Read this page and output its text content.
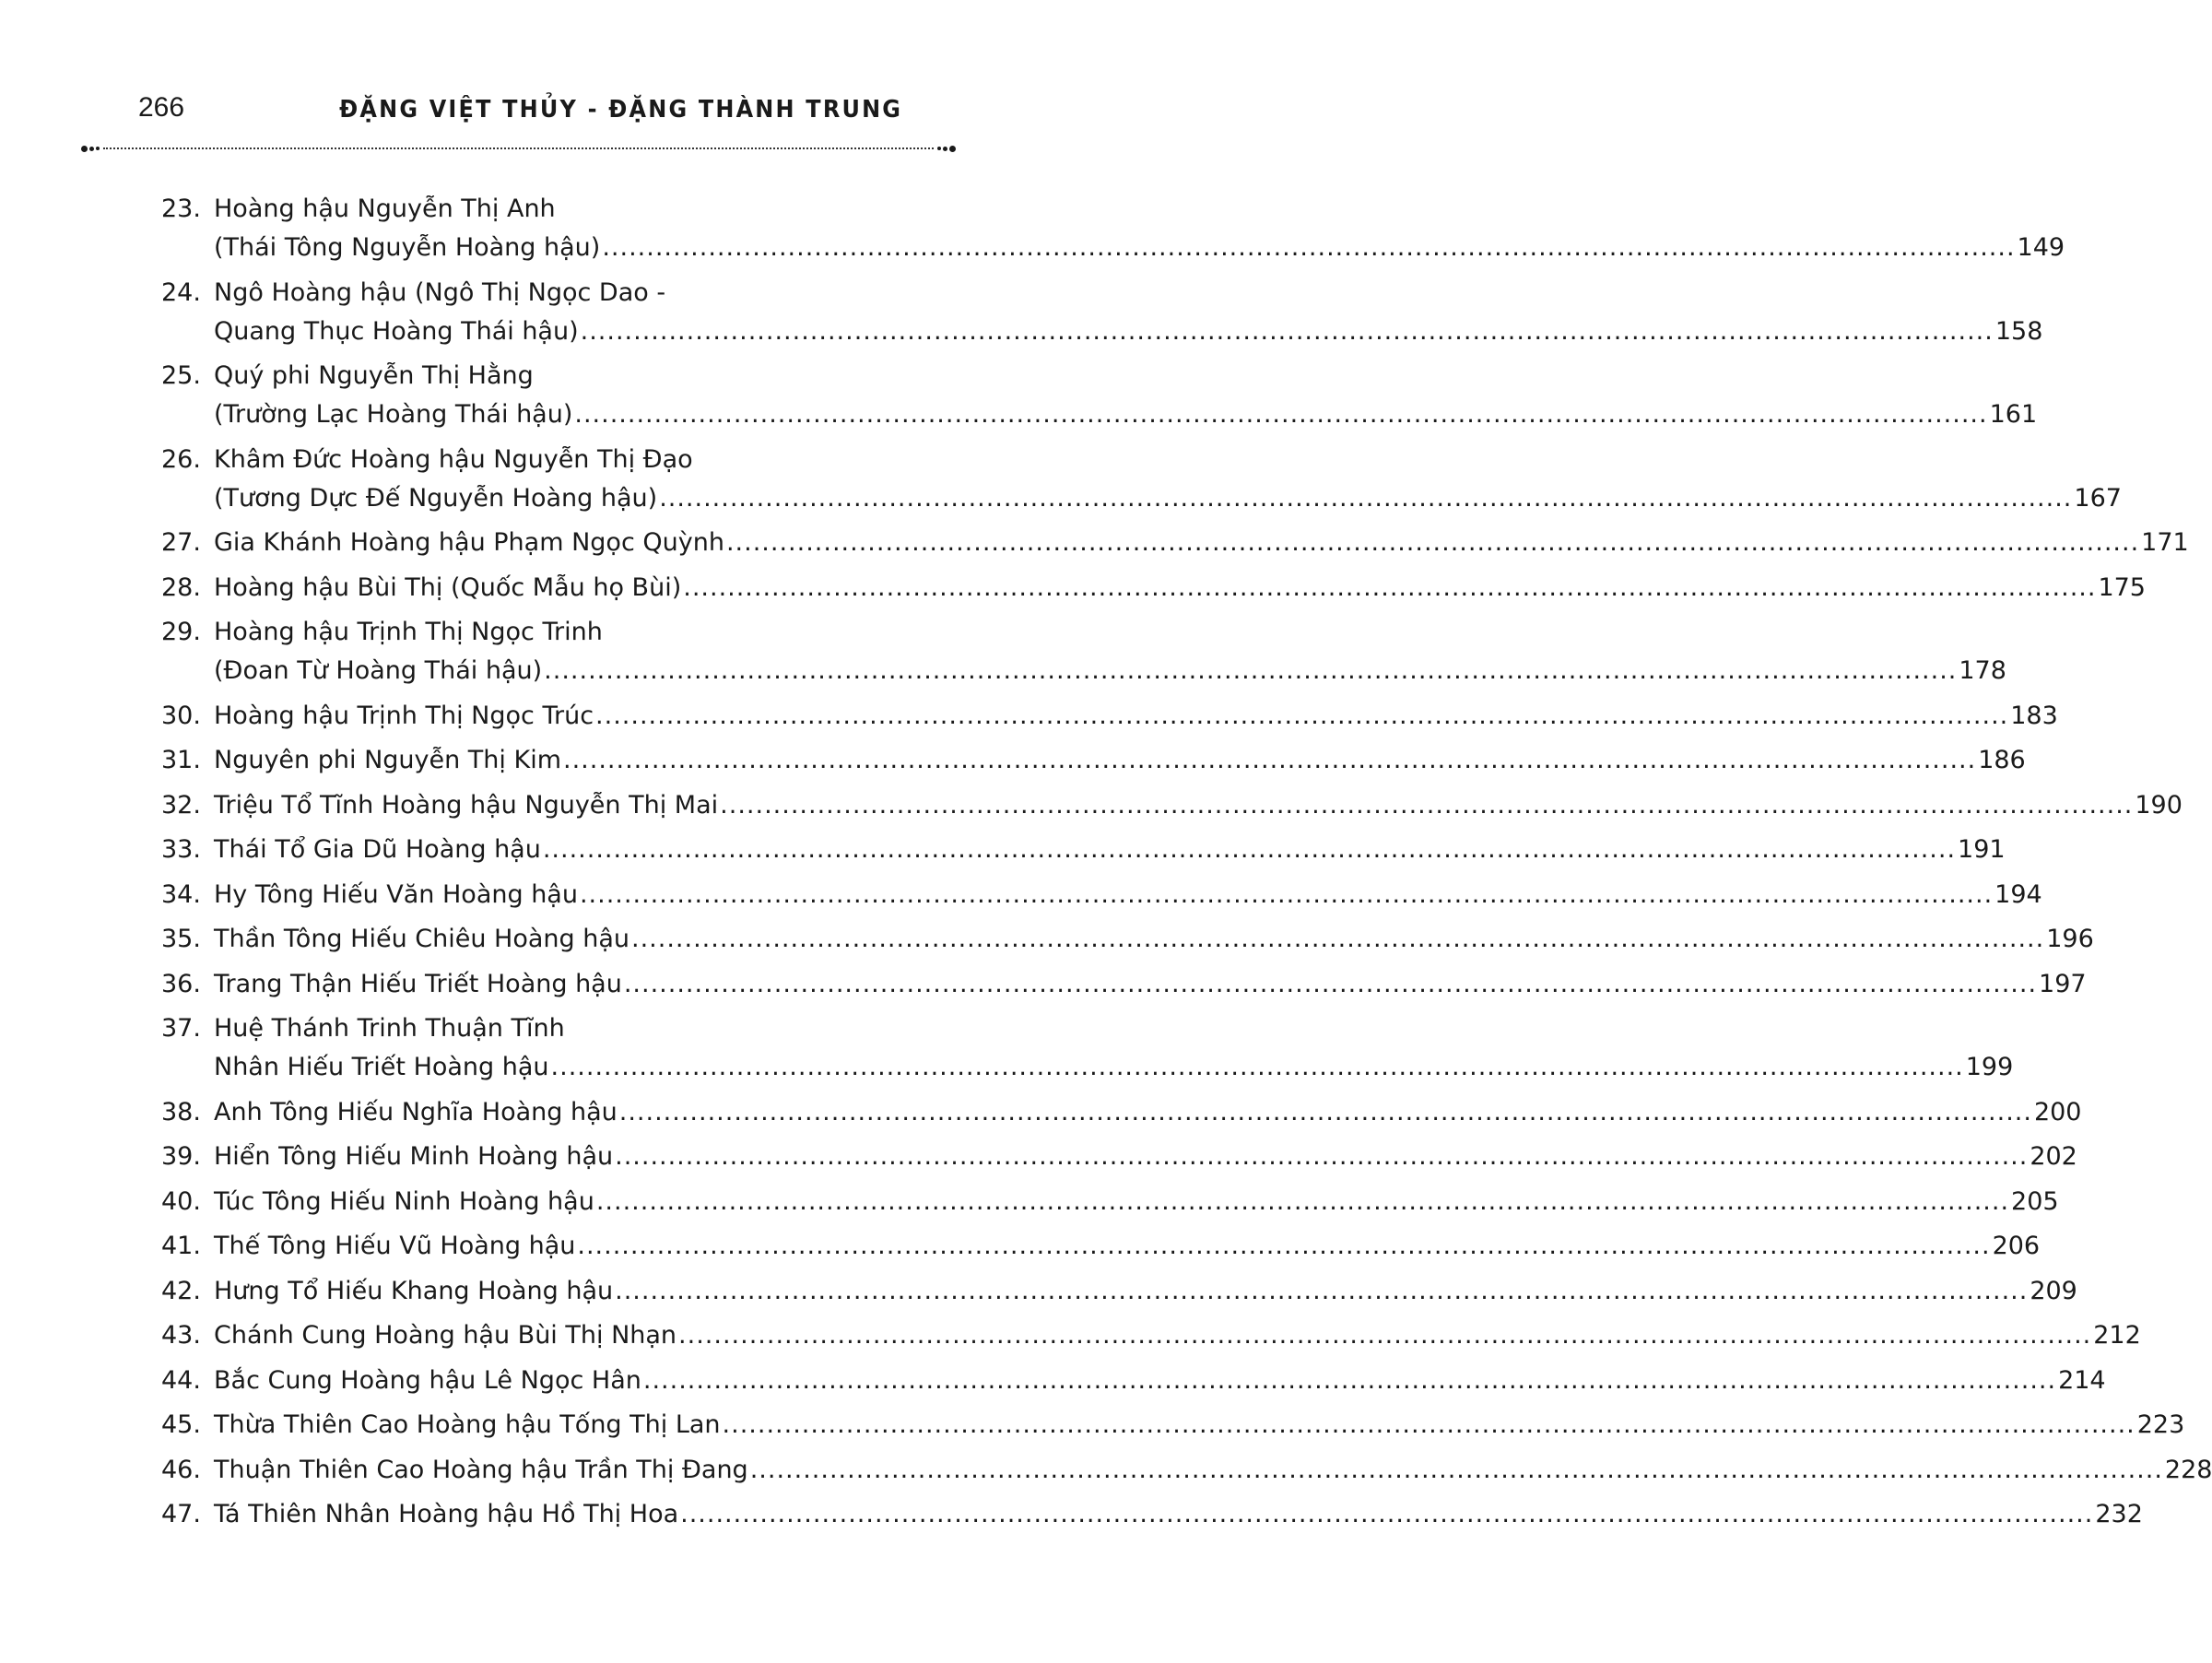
266	ĐẶNG VIỆT THỦY - ĐẶNG THÀNH TRUNG
23. Hoàng hậu Nguyễn Thị Anh
(Thái Tông Nguyễn Hoàng hậu) .....	149
24. Ngô Hoàng hậu (Ngô Thị Ngọc Dao -
Quang Thục Hoàng Thái hậu) .....	158
25. Quý phi Nguyễn Thị Hằng
(Trường Lạc Hoàng Thái hậu) .....	161
26. Khâm Đức Hoàng hậu Nguyễn Thị Đạo
(Tương Dực Đế Nguyễn Hoàng hậu) .....	167
27. Gia Khánh Hoàng hậu Phạm Ngọc Quỳnh .....	171
28. Hoàng hậu Bùi Thị (Quốc Mẫu họ Bùi) .....	175
29. Hoàng hậu Trịnh Thị Ngọc Trinh
(Đoan Từ Hoàng Thái hậu) .....	178
30. Hoàng hậu Trịnh Thị Ngọc Trúc .....	183
31. Nguyên phi Nguyễn Thị Kim .....	186
32. Triệu Tổ Tĩnh Hoàng hậu Nguyễn Thị Mai .....	190
33. Thái Tổ Gia Dũ Hoàng hậu .....	191
34. Hy Tông Hiếu Văn Hoàng hậu .....	194
35. Thần Tông Hiếu Chiêu Hoàng hậu .....	196
36. Trang Thận Hiếu Triết Hoàng hậu .....	197
37. Huệ Thánh Trinh Thuận Tĩnh
Nhân Hiếu Triết Hoàng hậu .....	199
38. Anh Tông Hiếu Nghĩa Hoàng hậu .....	200
39. Hiển Tông Hiếu Minh Hoàng hậu .....	202
40. Túc Tông Hiếu Ninh Hoàng hậu .....	205
41. Thế Tông Hiếu Vũ Hoàng hậu .....	206
42. Hưng Tổ Hiếu Khang Hoàng hậu .....	209
43. Chánh Cung Hoàng hậu Bùi Thị Nhạn .....	212
44. Bắc Cung Hoàng hậu Lê Ngọc Hân .....	214
45. Thừa Thiên Cao Hoàng hậu Tống Thị Lan .....	223
46. Thuận Thiên Cao Hoàng hậu Trần Thị Đang .....	228
47. Tá Thiên Nhân Hoàng hậu Hồ Thị Hoa .....	232
